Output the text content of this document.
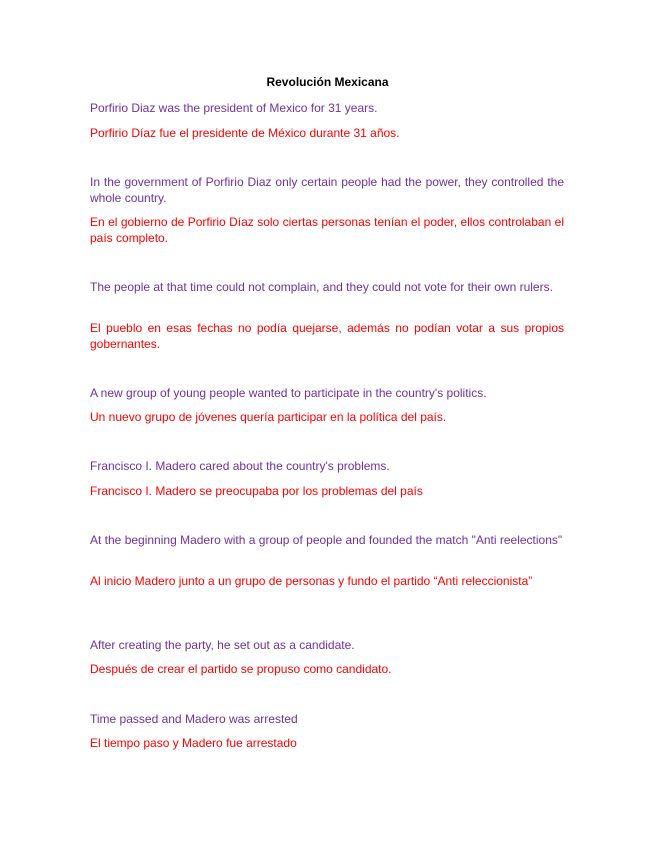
Revolución Mexicana

Porfirio Diaz was the president of Mexico for 31 years.

Porfirio Díaz fue el presidente de México durante 31 años.

In the government of Porfirio Diaz only certain people had the power, they controlled the whole country.

En el gobierno de Porfirio Díaz solo ciertas personas tenían el poder, ellos controlaban el país completo.

The people at that time could not complain, and they could not vote for their own rulers.

El pueblo en esas fechas no podía quejarse, además no podían votar a sus propios gobernantes.

A new group of young people wanted to participate in the country's politics.

Un nuevo grupo de jóvenes quería participar en la política del país.

Francisco I. Madero cared about the country's problems.

Francisco I. Madero se preocupaba por los problemas del país

At the beginning Madero with a group of people and founded the match "Anti reelections"

Al inicio Madero junto a un grupo de personas y fundo el partido “Anti releccionista”

After creating the party, he set out as a candidate.

Después de crear el partido se propuso como candidato.

Time passed and Madero was arrested

El tiempo paso y Madero fue arrestado
